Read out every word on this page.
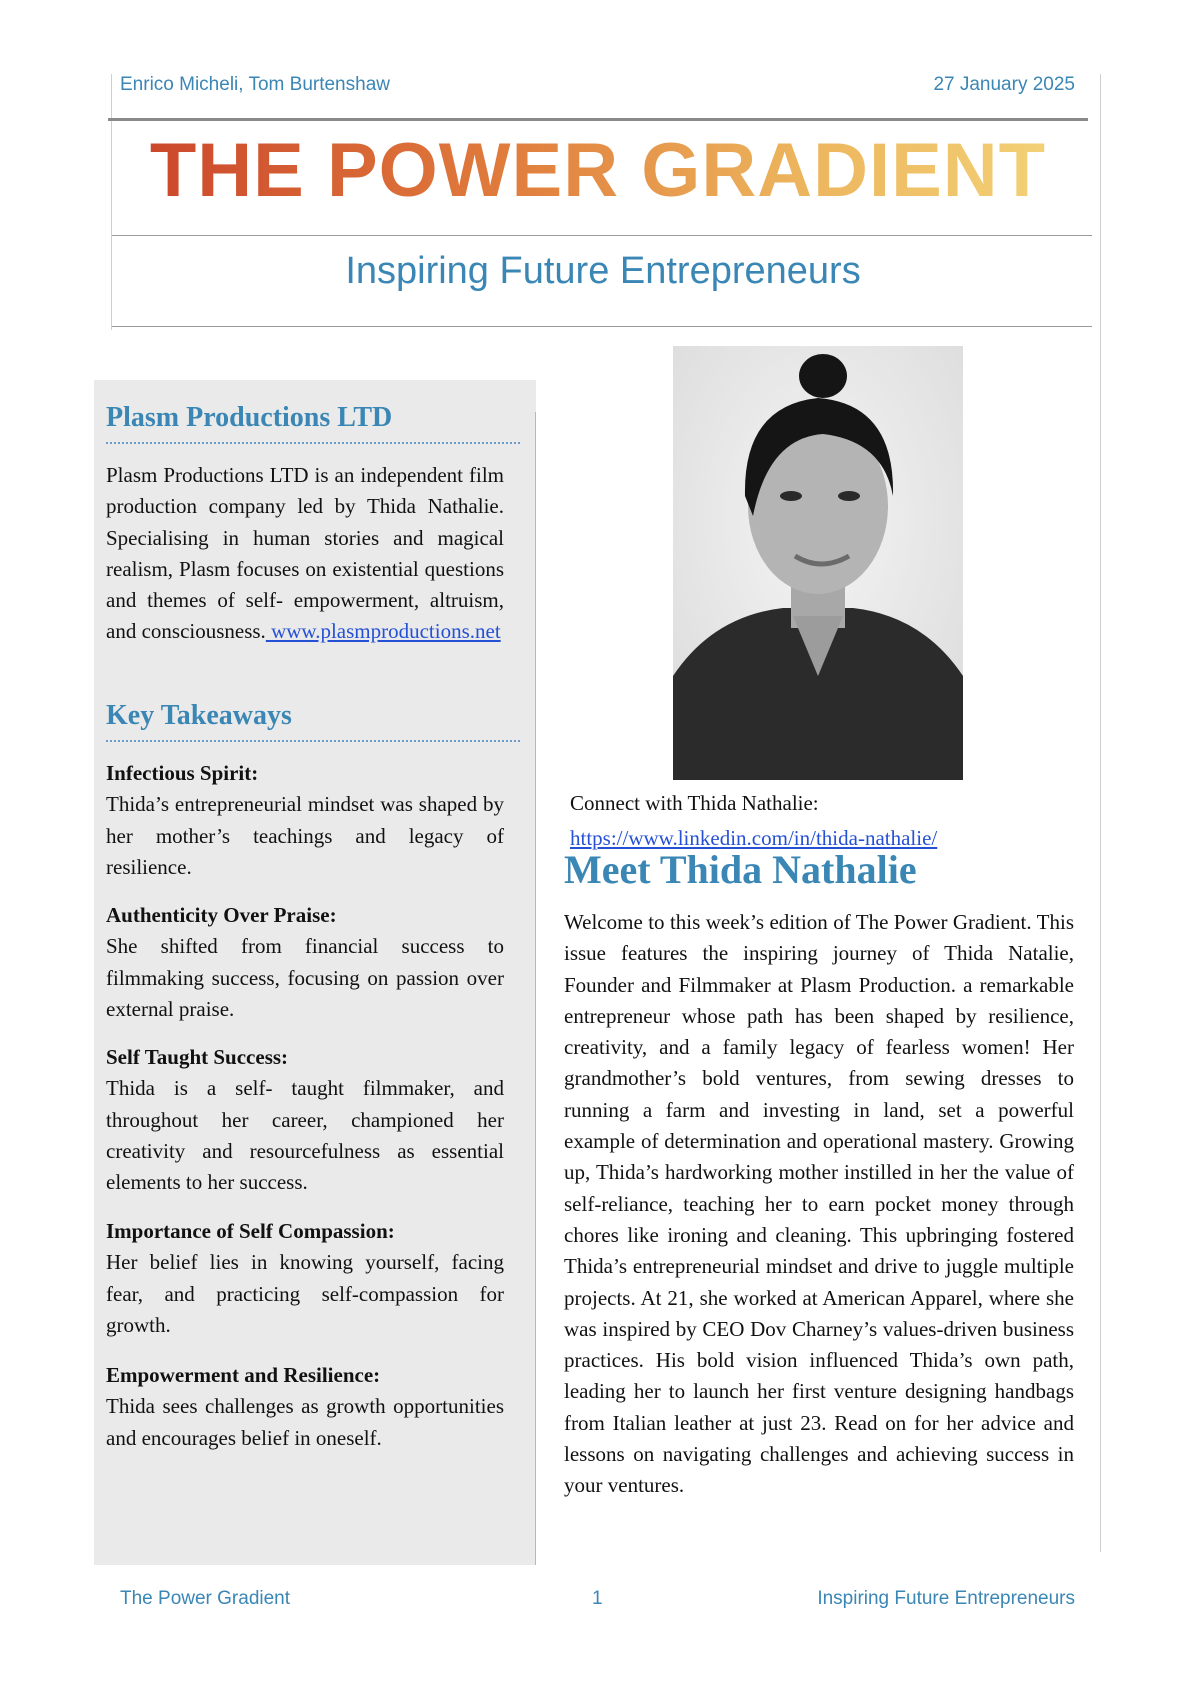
Enrico Micheli, Tom Burtenshaw	27 January 2025
THE POWER GRADIENT
Inspiring Future Entrepreneurs
Plasm Productions LTD

Plasm Productions LTD is an independent film production company led by Thida Nathalie. Specialising in human stories and magical realism, Plasm focuses on existential questions and themes of self- empowerment, altruism, and consciousness. www.plasmproductions.net

Key Takeaways

Infectious Spirit:
Thida’s entrepreneurial mindset was shaped by her mother’s teachings and legacy of resilience.

Authenticity Over Praise:
She shifted from financial success to filmmaking success, focusing on passion over external praise.

Self Taught Success:
Thida is a self- taught filmmaker, and throughout her career, championed her creativity and resourcefulness as essential elements to her success.

Importance of Self Compassion:
Her belief lies in knowing yourself, facing fear, and practicing self-compassion for growth.

Empowerment and Resilience:
Thida sees challenges as growth opportunities and encourages belief in oneself.

Connect with Thida Nathalie:
https://www.linkedin.com/in/thida-nathalie/
Meet Thida Nathalie

Welcome to this week’s edition of The Power Gradient. This issue features the inspiring journey of Thida Natalie, Founder and Filmmaker at Plasm Production. a remarkable entrepreneur whose path has been shaped by resilience, creativity, and a family legacy of fearless women! Her grandmother’s bold ventures, from sewing dresses to running a farm and investing in land, set a powerful example of determination and operational mastery. Growing up, Thida’s hardworking mother instilled in her the value of self-reliance, teaching her to earn pocket money through chores like ironing and cleaning. This upbringing fostered Thida’s entrepreneurial mindset and drive to juggle multiple projects. At 21, she worked at American Apparel, where she was inspired by CEO Dov Charney’s values-driven business practices. His bold vision influenced Thida’s own path, leading her to launch her first venture designing handbags from Italian leather at just 23. Read on for her advice and lessons on navigating challenges and achieving success in your ventures.

The Power Gradient	1	Inspiring Future Entrepreneurs
